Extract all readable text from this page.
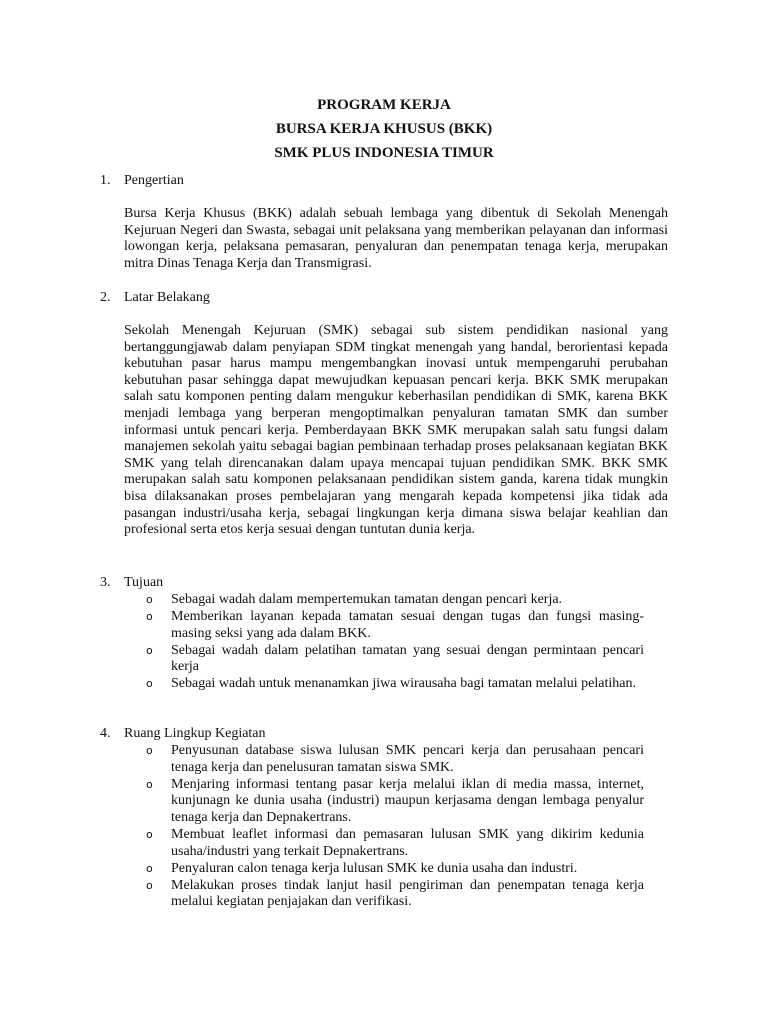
PROGRAM KERJA
BURSA KERJA KHUSUS (BKK)
SMK PLUS INDONESIA TIMUR
1. Pengertian

Bursa Kerja Khusus (BKK) adalah sebuah lembaga yang dibentuk di Sekolah Menengah Kejuruan Negeri dan Swasta, sebagai unit pelaksana yang memberikan pelayanan dan informasi lowongan kerja, pelaksana pemasaran, penyaluran dan penempatan tenaga kerja, merupakan mitra Dinas Tenaga Kerja dan Transmigrasi.

2. Latar Belakang

Sekolah Menengah Kejuruan (SMK) sebagai sub sistem pendidikan nasional yang bertanggungjawab dalam penyiapan SDM tingkat menengah yang handal, berorientasi kepada kebutuhan pasar harus mampu mengembangkan inovasi untuk mempengaruhi perubahan kebutuhan pasar sehingga dapat mewujudkan kepuasan pencari kerja. BKK SMK merupakan salah satu komponen penting dalam mengukur keberhasilan pendidikan di SMK, karena BKK menjadi lembaga yang berperan mengoptimalkan penyaluran tamatan SMK dan sumber informasi untuk pencari kerja. Pemberdayaan BKK SMK merupakan salah satu fungsi dalam manajemen sekolah yaitu sebagai bagian pembinaan terhadap proses pelaksanaan kegiatan BKK SMK yang telah direncanakan dalam upaya mencapai tujuan pendidikan SMK. BKK SMK merupakan salah satu komponen pelaksanaan pendidikan sistem ganda, karena tidak mungkin bisa dilaksanakan proses pembelajaran yang mengarah kepada kompetensi jika tidak ada pasangan industri/usaha kerja, sebagai lingkungan kerja dimana siswa belajar keahlian dan profesional serta etos kerja sesuai dengan tuntutan dunia kerja.

3. Tujuan
o	Sebagai wadah dalam mempertemukan tamatan dengan pencari kerja.
o	Memberikan layanan kepada tamatan sesuai dengan tugas dan fungsi masing-masing seksi yang ada dalam BKK.
o	Sebagai wadah dalam pelatihan tamatan yang sesuai dengan permintaan pencari kerja
o	Sebagai wadah untuk menanamkan jiwa wirausaha bagi tamatan melalui pelatihan.
4. Ruang Lingkup Kegiatan
o	Penyusunan database siswa lulusan SMK pencari kerja dan perusahaan pencari tenaga kerja dan penelusuran tamatan siswa SMK.
o	Menjaring informasi tentang pasar kerja melalui iklan di media massa, internet, kunjunagn ke dunia usaha (industri) maupun kerjasama dengan lembaga penyalur tenaga kerja dan Depnakertrans.
o	Membuat leaflet informasi dan pemasaran lulusan SMK yang dikirim kedunia usaha/industri yang terkait Depnakertrans.
o	Penyaluran calon tenaga kerja lulusan SMK ke dunia usaha dan industri.
o	Melakukan proses tindak lanjut hasil pengiriman dan penempatan tenaga kerja melalui kegiatan penjajakan dan verifikasi.
